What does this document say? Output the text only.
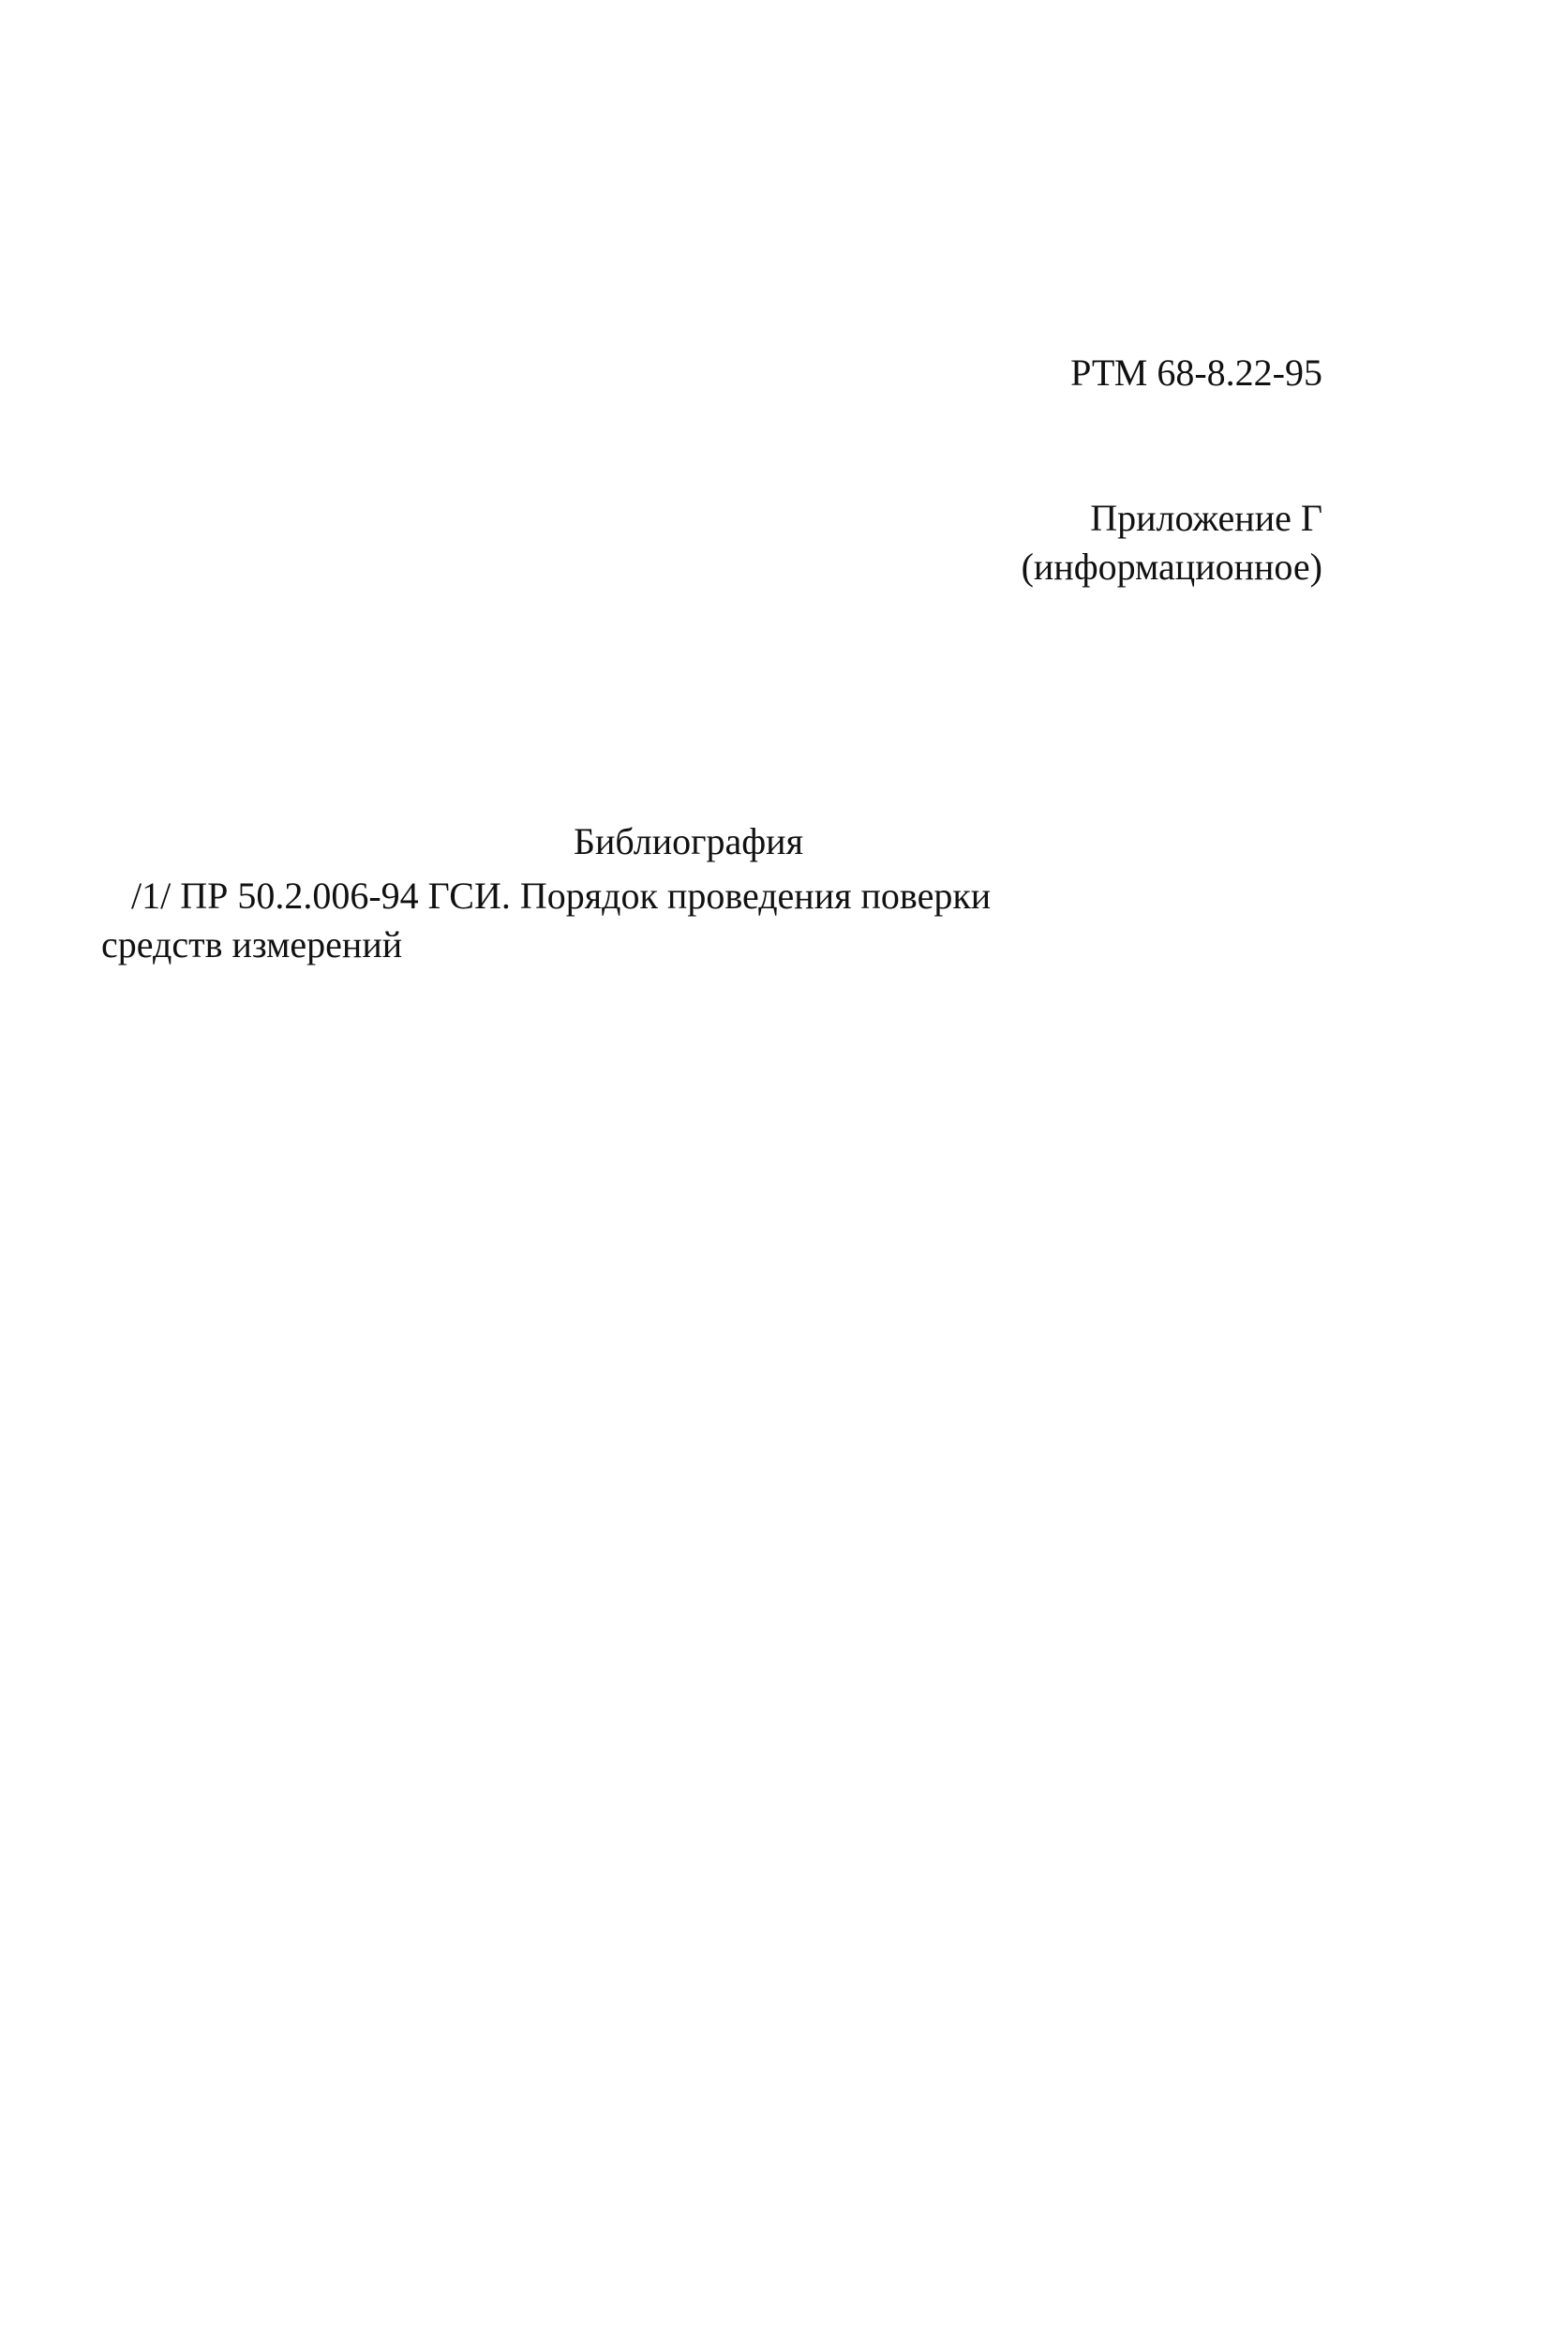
РТМ 68-8.22-95
Приложение Г
(информационное)
Библиография
/1/ ПР 50.2.006-94 ГСИ. Порядок проведения поверки
средств измерений
